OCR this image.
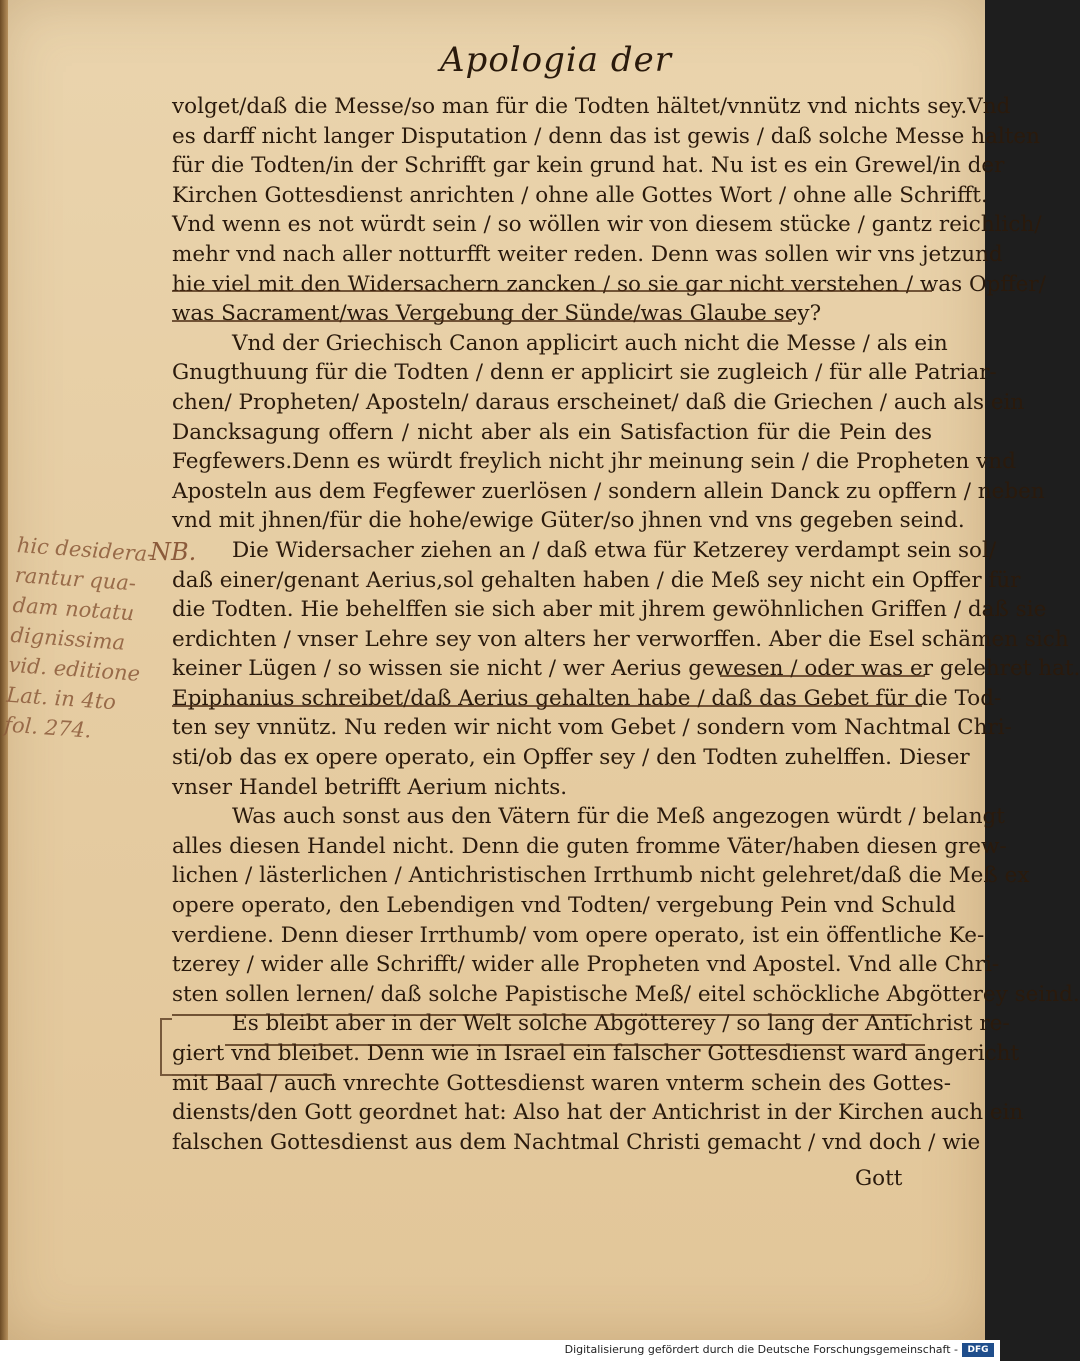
Apologia der
volget/daß die Messe/so man für die Todten hältet/vnnütz vnd nichts sey.Vnd
es darff nicht langer Disputation / denn das ist gewis / daß solche Messe halten
für die Todten/in der Schrifft gar kein grund hat. Nu ist es ein Grewel/in der
Kirchen Gottesdienst anrichten / ohne alle Gottes Wort / ohne alle Schrifft.
Vnd wenn es not würdt sein / so wöllen wir von diesem stücke / gantz reichlich/
mehr vnd nach aller notturfft weiter reden. Denn was sollen wir vns jetzund
hie viel mit den Widersachern zancken / so sie gar nicht verstehen / was Opffer/
was Sacrament/was Vergebung der Sünde/was Glaube sey?
Vnd der Griechisch Canon applicirt auch nicht die Messe / als ein
Gnugthuung für die Todten / denn er applicirt sie zugleich / für alle Patriar-
chen/ Propheten/ Aposteln/ daraus erscheinet/ daß die Griechen / auch als ein
Dancksagung offern / nicht aber als ein Satisfaction für die Pein des
Fegfewers.Denn es würdt freylich nicht jhr meinung sein / die Propheten vnd
Aposteln aus dem Fegfewer zuerlösen / sondern allein Danck zu opffern / neben
vnd mit jhnen/für die hohe/ewige Güter/so jhnen vnd vns gegeben seind.
Die Widersacher ziehen an / daß etwa für Ketzerey verdampt sein sol/
daß einer/genant Aerius,sol gehalten haben / die Meß sey nicht ein Opffer für
die Todten. Hie behelffen sie sich aber mit jhrem gewöhnlichen Griffen / daß sie
erdichten / vnser Lehre sey von alters her verworffen. Aber die Esel schämen sich
keiner Lügen / so wissen sie nicht / wer Aerius gewesen / oder was er gelehret hat.
Epiphanius schreibet/daß Aerius gehalten habe / daß das Gebet für die Tod-
ten sey vnnütz. Nu reden wir nicht vom Gebet / sondern vom Nachtmal Chri-
sti/ob das ex opere operato, ein Opffer sey / den Todten zuhelffen. Dieser
vnser Handel betrifft Aerium nichts.
Was auch sonst aus den Vätern für die Meß angezogen würdt / belangt
alles diesen Handel nicht. Denn die guten fromme Väter/haben diesen grew-
lichen / lästerlichen / Antichristischen Irrthumb nicht gelehret/daß die Meß ex
opere operato, den Lebendigen vnd Todten/ vergebung Pein vnd Schuld
verdiene. Denn dieser Irrthumb/ vom opere operato, ist ein öffentliche Ke-
tzerey / wider alle Schrifft/ wider alle Propheten vnd Apostel. Vnd alle Chri-
sten sollen lernen/ daß solche Papistische Meß/ eitel schöckliche Abgötterey seind.
Es bleibt aber in der Welt solche Abgötterey / so lang der Antichrist re-
giert vnd bleibet. Denn wie in Israel ein falscher Gottesdienst ward angericht
mit Baal / auch vnrechte Gottesdienst waren vnterm schein des Gottes-
diensts/den Gott geordnet hat: Also hat der Antichrist in der Kirchen auch ein
falschen Gottesdienst aus dem Nachtmal Christi gemacht / vnd doch / wie
Gott
hic desidera-
rantur qua-
dam notatu
dignissima
vid. editione
Lat. in 4to
fol. 274.
NB.
Digitalisierung gefördert durch die Deutsche Forschungsgemeinschaft -	DFG
